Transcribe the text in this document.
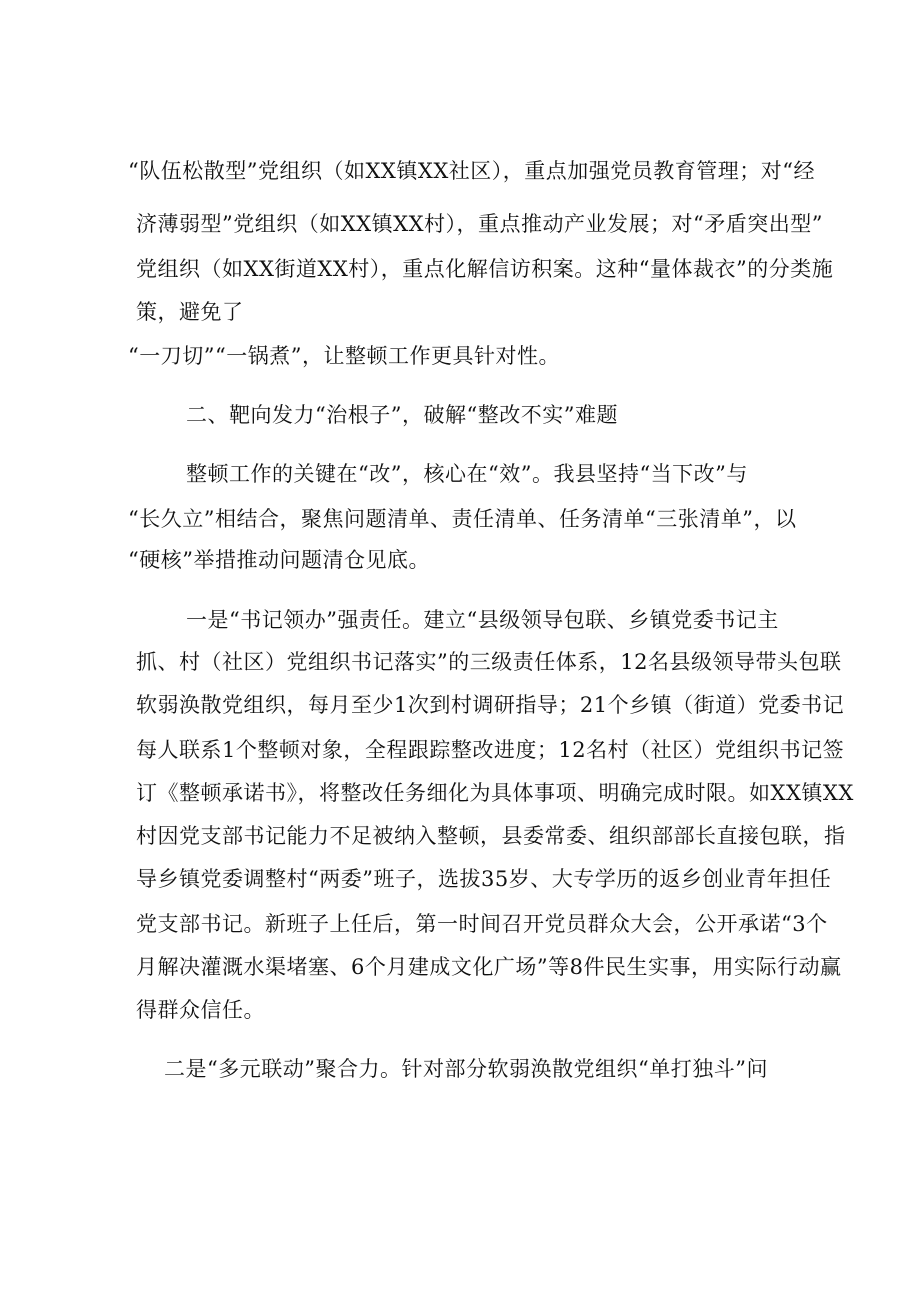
“队伍松散型”党组织（如XX镇XX社区），重点加强党员教育管理；对“经

济薄弱型”党组织（如XX镇XX村），重点推动产业发展；对“矛盾突出型”

党组织（如XX街道XX村），重点化解信访积案。这种“量体裁衣”的分类施

策，避免了

“一刀切”“一锅煮”，让整顿工作更具针对性。

二、靶向发力“治根子”，破解“整改不实”难题

整顿工作的关键在“改”，核心在“效”。我县坚持“当下改”与

“长久立”相结合，聚焦问题清单、责任清单、任务清单“三张清单”，以

“硬核”举措推动问题清仓见底。

一是“书记领办”强责任。建立“县级领导包联、乡镇党委书记主

抓、村（社区）党组织书记落实”的三级责任体系，12名县级领导带头包联

软弱涣散党组织，每月至少1次到村调研指导；21个乡镇（街道）党委书记

每人联系1个整顿对象，全程跟踪整改进度；12名村（社区）党组织书记签

订《整顿承诺书》，将整改任务细化为具体事项、明确完成时限。如XX镇XX

村因党支部书记能力不足被纳入整顿，县委常委、组织部部长直接包联，指

导乡镇党委调整村“两委”班子，选拔35岁、大专学历的返乡创业青年担任

党支部书记。新班子上任后，第一时间召开党员群众大会，公开承诺“3个

月解决灌溉水渠堵塞、6个月建成文化广场”等8件民生实事，用实际行动赢

得群众信任。

二是“多元联动”聚合力。针对部分软弱涣散党组织“单打独斗”问
